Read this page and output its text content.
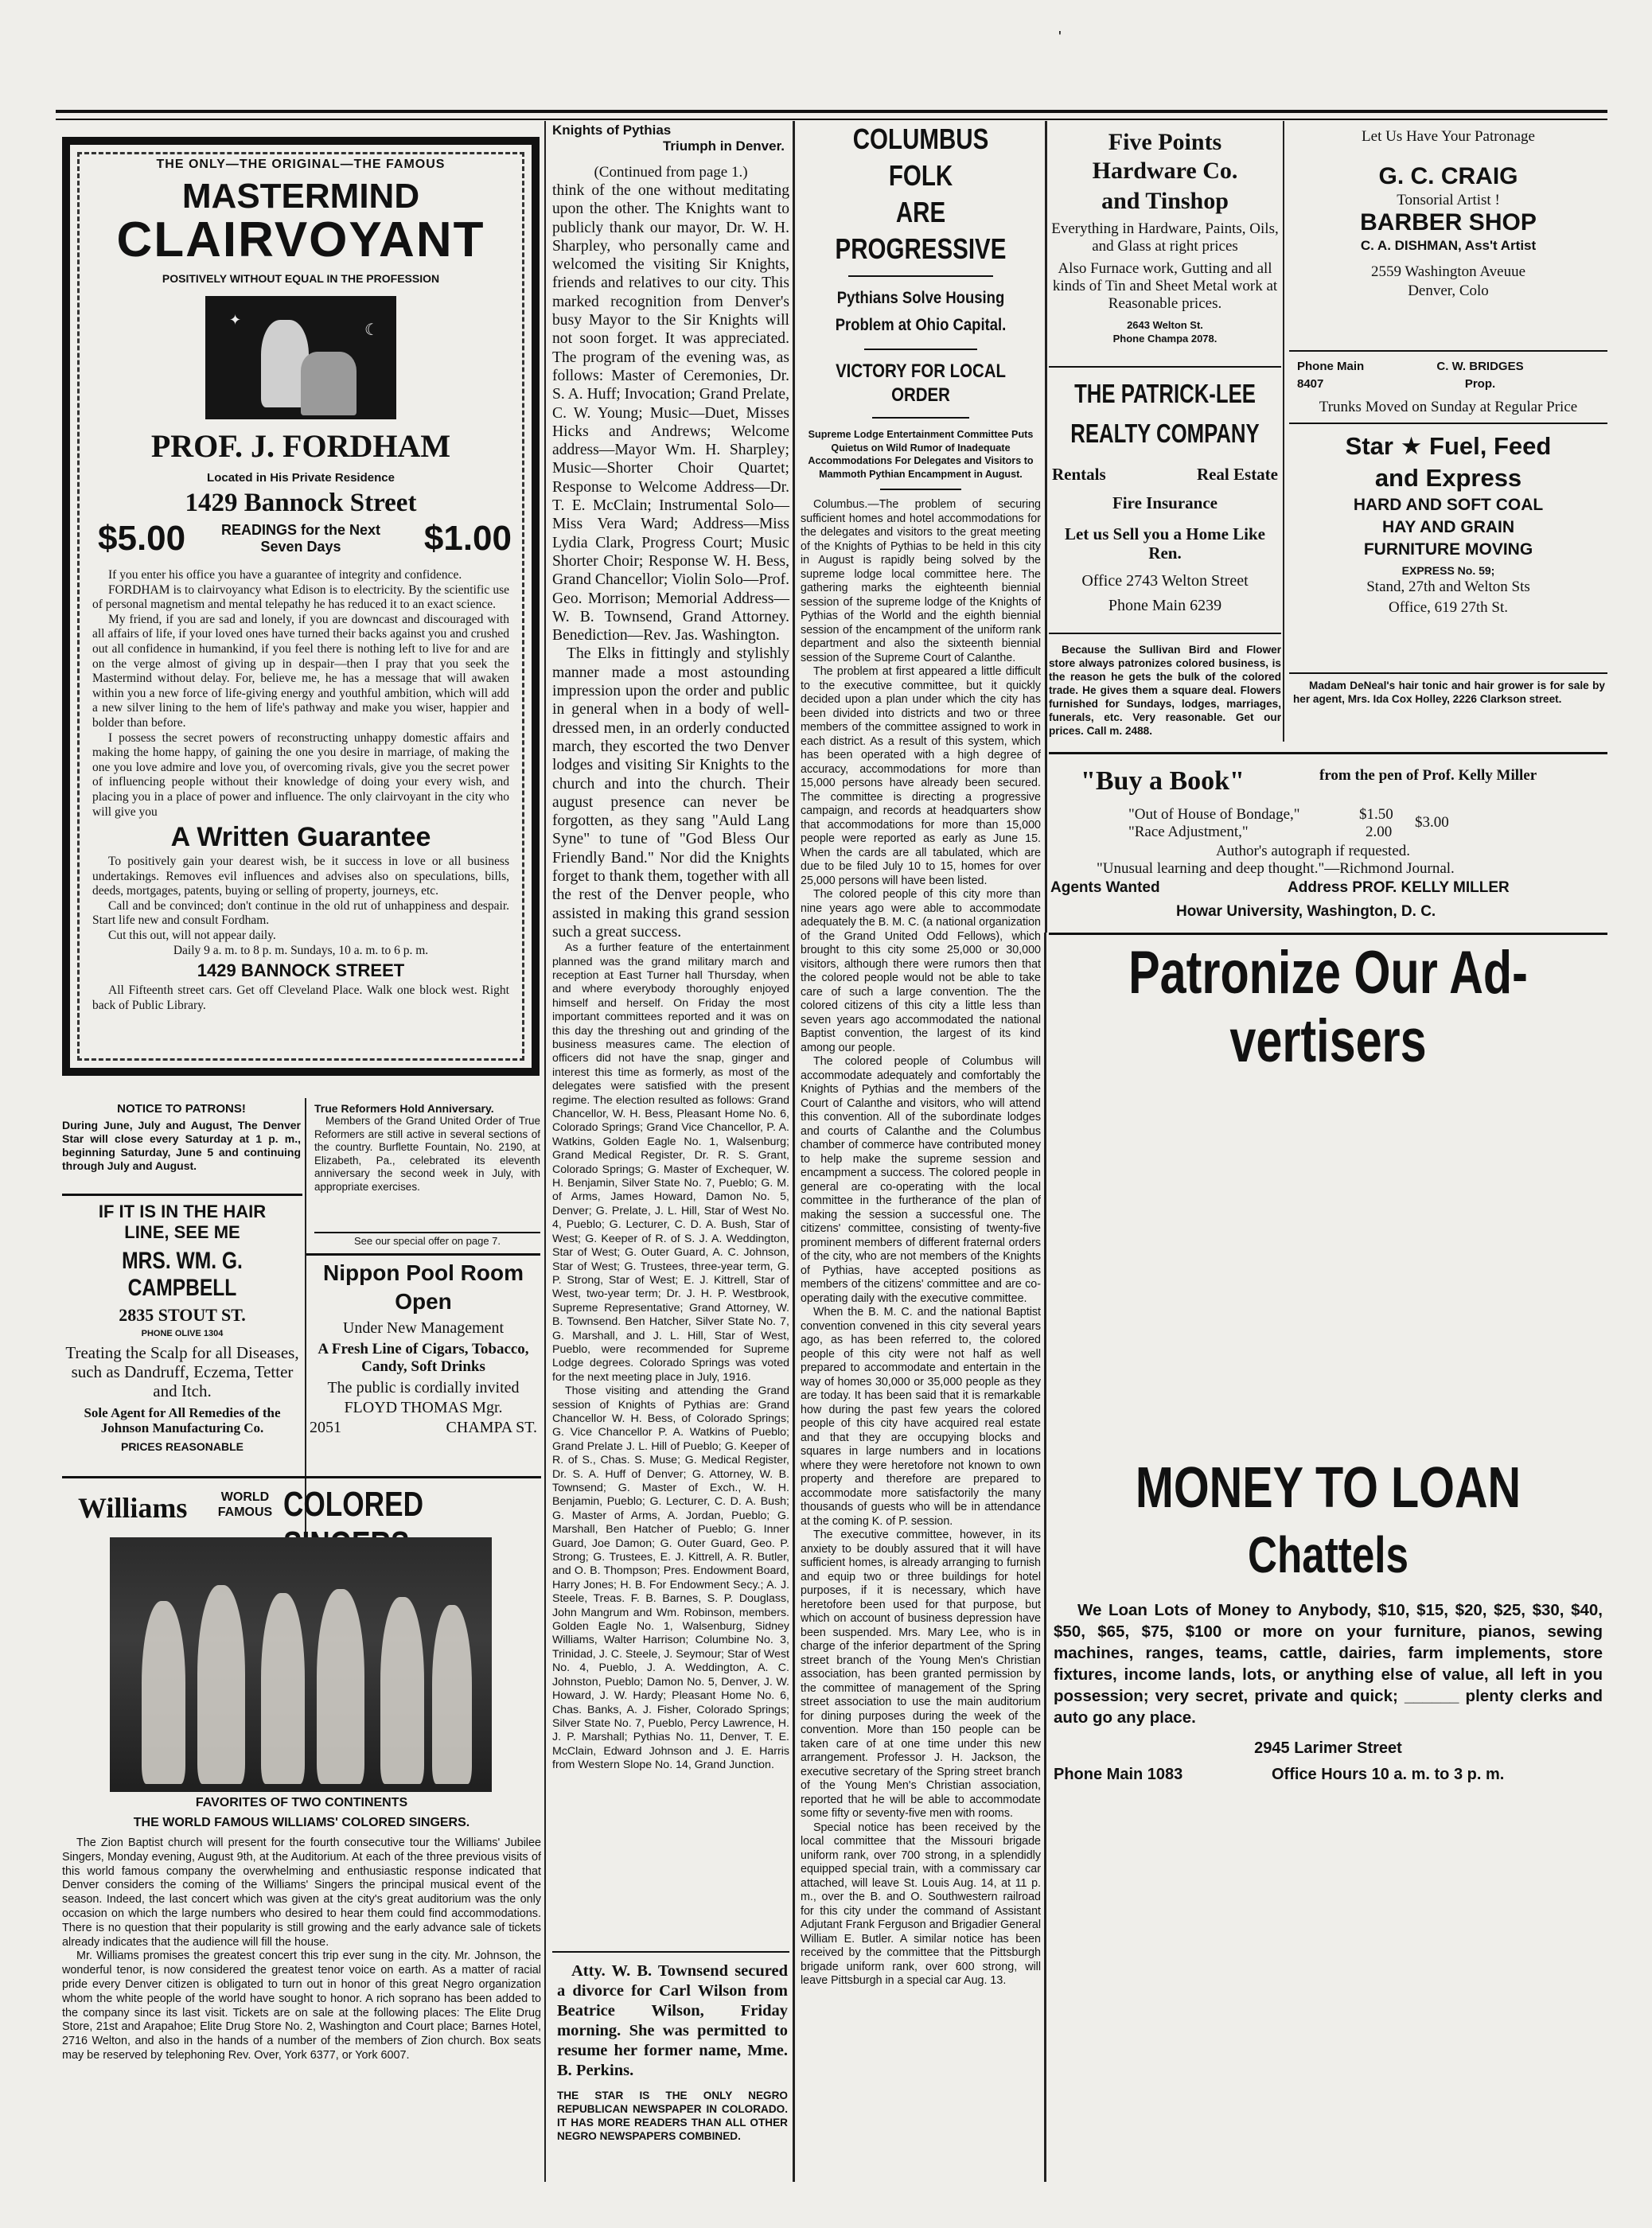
'
THE ONLY—THE ORIGINAL—THE FAMOUS
MASTERMIND
CLAIRVOYANT
POSITIVELY WITHOUT EQUAL IN THE PROFESSION
✦
☾
PROF. J. FORDHAM
Located in His Private Residence
1429 Bannock Street
$5.00	READINGS for the Next Seven Days	$1.00

If you enter his office you have a guarantee of integrity and confidence.

FORDHAM is to clairvoyancy what Edison is to electricity. By the scientific use of personal magnetism and mental telepathy he has reduced it to an exact science.

My friend, if you are sad and lonely, if you are downcast and discouraged with all affairs of life, if your loved ones have turned their backs against you and crushed out all confidence in humankind, if you feel there is nothing left to live for and are on the verge almost of giving up in despair—then I pray that you seek the Mastermind without delay. For, believe me, he has a message that will awaken within you a new force of life-giving energy and youthful ambition, which will add a new silver lining to the hem of life's pathway and make you wiser, happier and bolder than before.

I possess the secret powers of reconstructing unhappy domestic affairs and making the home happy, of gaining the one you desire in marriage, of making the one you love admire and love you, of overcoming rivals, give you the secret power of influencing people without their knowledge of doing your every wish, and placing you in a place of power and influence. The only clairvoyant in the city who will give you

A Written Guarantee

To positively gain your dearest wish, be it success in love or all business undertakings. Removes evil influences and advises also on speculations, bills, deeds, mortgages, patents, buying or selling of property, journeys, etc.

Call and be convinced; don't continue in the old rut of unhappiness and despair. Start life new and consult Fordham.

Cut this out, will not appear daily.

Daily 9 a. m. to 8 p. m. Sundays, 10 a. m. to 6 p. m.

1429 BANNOCK STREET

All Fifteenth street cars. Get off Cleveland Place. Walk one block west. Right back of Public Library.

NOTICE TO PATRONS!
During June, July and August, The Denver Star will close every Saturday at 1 p. m., beginning Saturday, June 5 and continuing through July and August.
True Reformers Hold Anniversary.
Members of the Grand United Order of True Reformers are still active in several sections of the country. Burflette Fountain, No. 2190, at Elizabeth, Pa., celebrated its eleventh anniversary the second week in July, with appropriate exercises.
See our special offer on page 7.
IF IT IS IN THE HAIR LINE, SEE ME
MRS. WM. G. CAMPBELL
2835 STOUT ST.
PHONE OLIVE 1304
Treating the Scalp for all Diseases, such as Dandruff, Eczema, Tetter and Itch.
Sole Agent for All Remedies of the Johnson Manufacturing Co.
PRICES REASONABLE
Nippon Pool Room Open
Under New Management
A Fresh Line of Cigars, Tobacco, Candy, Soft Drinks
The public is cordially invited
FLOYD THOMAS Mgr.
2051	CHAMPA ST.
Williams	WORLD FAMOUS COLORED
FAVORITES OF TWO CONTINENTS
THE WORLD FAMOUS WILLIAMS' COLORED SINGERS.

The Zion Baptist church will present for the fourth consecutive tour the Williams' Jubilee Singers, Monday evening, August 9th, at the Auditorium. At each of the three previous visits of this world famous company the overwhelming and enthusiastic response indicated that Denver considers the coming of the Williams' Singers the principal musical event of the season. Indeed, the last concert which was given at the city's great auditorium was the only occasion on which the large numbers who desired to hear them could find accommodations. There is no question that their popularity is still growing and the early advance sale of tickets already indicates that the audience will fill the house.

Mr. Williams promises the greatest concert this trip ever sung in the city. Mr. Johnson, the wonderful tenor, is now considered the greatest tenor voice on earth. As a matter of racial pride every Denver citizen is obligated to turn out in honor of this great Negro organization whom the white people of the world have sought to honor. A rich soprano has been added to the company since its last visit. Tickets are on sale at the following places: The Elite Drug Store, 21st and Arapahoe; Elite Drug Store No. 2, Washington and Court place; Barnes Hotel, 2716 Welton, and also in the hands of a number of the members of Zion church. Box seats may be reserved by telephoning Rev. Over, York 6377, or York 6007.

Knights of Pythias
Triumph in Denver.
(Continued from page 1.)

think of the one without meditating upon the other. The Knights want to publicly thank our mayor, Dr. W. H. Sharpley, who personally came and welcomed the visiting Sir Knights, friends and relatives to our city. This marked recognition from Denver's busy Mayor to the Sir Knights will not soon forget. It was appreciated. The program of the evening was, as follows: Master of Ceremonies, Dr. S. A. Huff; Invocation; Grand Prelate, C. W. Young; Music—Duet, Misses Hicks and Andrews; Welcome address—Mayor Wm. H. Sharpley; Music—Shorter Choir Quartet; Response to Welcome Address—Dr. T. E. McClain; Instrumental Solo—Miss Vera Ward; Address—Miss Lydia Clark, Progress Court; Music Shorter Choir; Response W. H. Bess, Grand Chancellor; Violin Solo—Prof. Geo. Morrison; Memorial Address—W. B. Townsend, Grand Attorney. Benediction—Rev. Jas. Washington.

The Elks in fittingly and stylishly manner made a most astounding impression upon the order and public in general when in a body of well-dressed men, in an orderly conducted march, they escorted the two Denver lodges and visiting Sir Knights to the church and into the church. Their august presence can never be forgotten, as they sang "Auld Lang Syne" to tune of "God Bless Our Friendly Band." Nor did the Knights forget to thank them, together with all the rest of the Denver people, who assisted in making this grand session such a great success.

As a further feature of the entertainment planned was the grand military march and reception at East Turner hall Thursday, when and where everybody thoroughly enjoyed himself and herself. On Friday the most important committees reported and it was on this day the threshing out and grinding of the business measures came. The election of officers did not have the snap, ginger and interest this time as formerly, as most of the delegates were satisfied with the present regime. The election resulted as follows: Grand Chancellor, W. H. Bess, Pleasant Home No. 6, Colorado Springs; Grand Vice Chancellor, P. A. Watkins, Golden Eagle No. 1, Walsenburg; Grand Medical Register, Dr. R. S. Grant, Colorado Springs; G. Master of Exchequer, W. H. Benjamin, Silver State No. 7, Pueblo; G. M. of Arms, James Howard, Damon No. 5, Denver; G. Prelate, J. L. Hill, Star of West No. 4, Pueblo; G. Lecturer, C. D. A. Bush, Star of West; G. Keeper of R. of S. J. A. Weddington, Star of West; G. Outer Guard, A. C. Johnson, Star of West; G. Trustees, three-year term, G. P. Strong, Star of West; E. J. Kittrell, Star of West, two-year term; Dr. J. H. P. Westbrook, Supreme Representative; Grand Attorney, W. B. Townsend. Ben Hatcher, Silver State No. 7, G. Marshall, and J. L. Hill, Star of West, Pueblo, were recommended for Supreme Lodge degrees. Colorado Springs was voted for the next meeting place in July, 1916.

Those visiting and attending the Grand session of Knights of Pythias are: Grand Chancellor W. H. Bess, of Colorado Springs; G. Vice Chancellor P. A. Watkins of Pueblo; Grand Prelate J. L. Hill of Pueblo; G. Keeper of R. of S., Chas. S. Muse; G. Medical Register, Dr. S. A. Huff of Denver; G. Attorney, W. B. Townsend; G. Master of Exch., W. H. Benjamin, Pueblo; G. Lecturer, C. D. A. Bush; G. Master of Arms, A. Jordan, Pueblo; G. Marshall, Ben Hatcher of Pueblo; G. Inner Guard, Joe Damon; G. Outer Guard, Geo. P. Strong; G. Trustees, E. J. Kittrell, A. R. Butler, and O. B. Thompson; Pres. Endowment Board, Harry Jones; H. B. For Endowment Secy.; A. J. Steele, Treas. F. B. Barnes, S. P. Douglass, John Mangrum and Wm. Robinson, members. Golden Eagle No. 1, Walsenburg, Sidney Williams, Walter Harrison; Columbine No. 3, Trinidad, J. C. Steele, J. Seymour; Star of West No. 4, Pueblo, J. A. Weddington, A. C. Johnston, Pueblo; Damon No. 5, Denver, J. W. Howard, J. W. Hardy; Pleasant Home No. 6, Chas. Banks, A. J. Fisher, Colorado Springs; Silver State No. 7, Pueblo, Percy Lawrence, H. J. P. Marshall; Pythias No. 11, Denver, T. E. McClain, Edward Johnson and J. E. Harris from Western Slope No. 14, Grand Junction.

Atty. W. B. Townsend secured a divorce for Carl Wilson from Beatrice Wilson, Friday morning. She was permitted to resume her former name, Mme. B. Perkins.

THE STAR IS THE ONLY NEGRO REPUBLICAN NEWSPAPER IN COLORADO. IT HAS MORE READERS THAN ALL OTHER NEGRO NEWSPAPERS COMBINED.

COLUMBUS FOLK
ARE PROGRESSIVE
Pythians Solve Housing Problem at Ohio Capital.
VICTORY FOR LOCAL ORDER
Supreme Lodge Entertainment Committee Puts Quietus on Wild Rumor of Inadequate Accommodations For Delegates and Visitors to Mammoth Pythian Encampment in August.

Columbus.—The problem of securing sufficient homes and hotel accommodations for the delegates and visitors to the great meeting of the Knights of Pythias to be held in this city in August is rapidly being solved by the supreme lodge local committee here. The gathering marks the eighteenth biennial session of the supreme lodge of the Knights of Pythias of the World and the eighth biennial session of the encampment of the uniform rank department and also the sixteenth biennial session of the Supreme Court of Calanthe.

The problem at first appeared a little difficult to the executive committee, but it quickly decided upon a plan under which the city has been divided into districts and two or three members of the committee assigned to work in each district. As a result of this system, which has been operated with a high degree of accuracy, accommodations for more than 15,000 persons have already been secured. The committee is directing a progressive campaign, and records at headquarters show that accommodations for more than 15,000 people were reported as early as June 15. When the cards are all tabulated, which are due to be filed July 10 to 15, homes for over 25,000 persons will have been listed.

The colored people of this city more than nine years ago were able to accommodate adequately the B. M. C. (a national organization of the Grand United Odd Fellows), which brought to this city some 25,000 or 30,000 visitors, although there were rumors then that the colored people would not be able to take care of such a large convention. The the colored citizens of this city a little less than seven years ago accommodated the national Baptist convention, the largest of its kind among our people.

The colored people of Columbus will accommodate adequately and comfortably the Knights of Pythias and the members of the Court of Calanthe and visitors, who will attend this convention. All of the subordinate lodges and courts of Calanthe and the Columbus chamber of commerce have contributed money to help make the supreme session and encampment a success. The colored people in general are co-operating with the local committee in the furtherance of the plan of making the session a successful one. The citizens' committee, consisting of twenty-five prominent members of different fraternal orders of the city, who are not members of the Knights of Pythias, have accepted positions as members of the citizens' committee and are co-operating daily with the executive committee.

When the B. M. C. and the national Baptist convention convened in this city several years ago, as has been referred to, the colored people of this city were not half as well prepared to accommodate and entertain in the way of homes 30,000 or 35,000 people as they are today. It has been said that it is remarkable how during the past few years the colored people of this city have acquired real estate and that they are occupying blocks and squares in large numbers and in locations where they were heretofore not known to own property and therefore are prepared to accommodate more satisfactorily the many thousands of guests who will be in attendance at the coming K. of P. session.

The executive committee, however, in its anxiety to be doubly assured that it will have sufficient homes, is already arranging to furnish and equip two or three buildings for hotel purposes, if it is necessary, which have heretofore been used for that purpose, but which on account of business depression have been suspended. Mrs. Mary Lee, who is in charge of the inferior department of the Spring street branch of the Young Men's Christian association, has been granted permission by the committee of management of the Spring street association to use the main auditorium for dining purposes during the week of the convention. More than 150 people can be taken care of at one time under this new arrangement. Professor J. H. Jackson, the executive secretary of the Spring street branch of the Young Men's Christian association, reported that he will be able to accommodate some fifty or seventy-five men with rooms.

Special notice has been received by the local committee that the Missouri brigade uniform rank, over 700 strong, in a splendidly equipped special train, with a commissary car attached, will leave St. Louis Aug. 14, at 11 p. m., over the B. and O. Southwestern railroad for this city under the command of Assistant Adjutant Frank Ferguson and Brigadier General William E. Butler. A similar notice has been received by the committee that the Pittsburgh brigade uniform rank, over 600 strong, will leave Pittsburgh in a special car Aug. 13.

Five Points
Hardware Co.
and Tinshop
Everything in Hardware, Paints, Oils, and Glass at right prices
Also Furnace work, Gutting and all kinds of Tin and Sheet Metal work at Reasonable prices.
2643 Welton St.
Phone Champa 2078.
THE PATRICK-LEE REALTY COMPANY
Rentals	Real Estate
Fire Insurance
Let us Sell you a Home Like Ren.
Office 2743 Welton Street
Phone Main 6239

Because the Sullivan Bird and Flower store always patronizes colored business, is the reason he gets the bulk of the colored trade. He gives them a square deal. Flowers furnished for Sundays, lodges, marriages, funerals, etc. Very reasonable. Get our prices. Call m. 2488.

Let Us Have Your Patronage
G. C. CRAIG
Tonsorial Artist !
BARBER SHOP
C. A. DISHMAN, Ass't Artist
2559 Washington Aveuue
Denver, Colo
Phone Main 8407
C. W. BRIDGES Prop.
Trunks Moved on Sunday at Regular Price
Star ★ Fuel, Feed
and Express
HARD AND SOFT COAL
HAY AND GRAIN
FURNITURE MOVING
EXPRESS No. 59;
Stand, 27th and Welton Sts
Office, 619 27th St.

Madam DeNeal's hair tonic and hair grower is for sale by her agent, Mrs. Ida Cox Holley, 2226 Clarkson street.

"Buy a Book"	from the pen of Prof. Kelly Miller
"Out of House of Bondage,"	$1.50
"Race Adjustment,"	2.00
$3.00
Author's autograph if requested.
"Unusual learning and deep thought."—Richmond Journal.
Agents Wanted	Address PROF. KELLY MILLER
Howar University, Washington, D. C.
Patronize Our Ad-
vertisers
MONEY TO LOAN
Chattels

We Loan Lots of Money to Anybody, $10, $15, $20, $25, $30, $40, $50, $65, $75, $100 or more on your furniture, pianos, sewing machines, ranges, teams, cattle, dairies, farm implements, store fixtures, income lands, lots, or anything else of value, all left in you possession; very secret, private and quick; ______ plenty clerks and auto go any place.

2945 Larimer Street
Phone Main 1083	Office Hours 10 a. m. to 3 p. m.
